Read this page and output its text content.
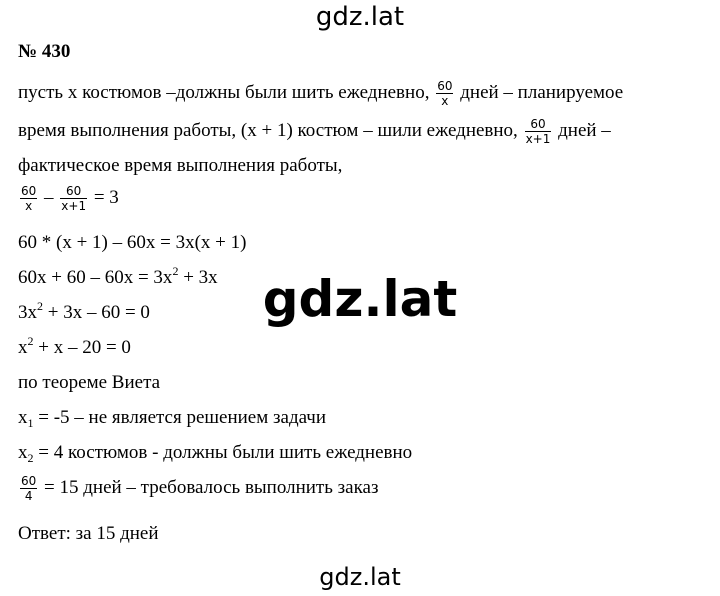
gdz.lat
gdz.lat
№ 430
пусть х костюмов –должны были шить ежедневно, $\frac{60}{x}$ дней – планируемое
время выполнения работы, (х + 1) костюм – шили ежедневно, $\frac{60}{x+1}$ дней –
фактическое время выполнения работы,
$\frac{60}{x} - \frac{60}{x+1} = 3$
60 * (х + 1) – 60х = 3х(х + 1)
$60х + 60 - 60х = 3х^2 + 3х$
$3х^2 + 3х - 60 = 0$
$х^2 + х - 20 = 0$
по теореме Виета
$х_1 = -5$ – не является решением задачи
$х_2 = 4$ костюмов - должны были шить ежедневно
$\frac{60}{4} = 15$ дней – требовалось выполнить заказ
Ответ: за 15 дней
gdz.lat
